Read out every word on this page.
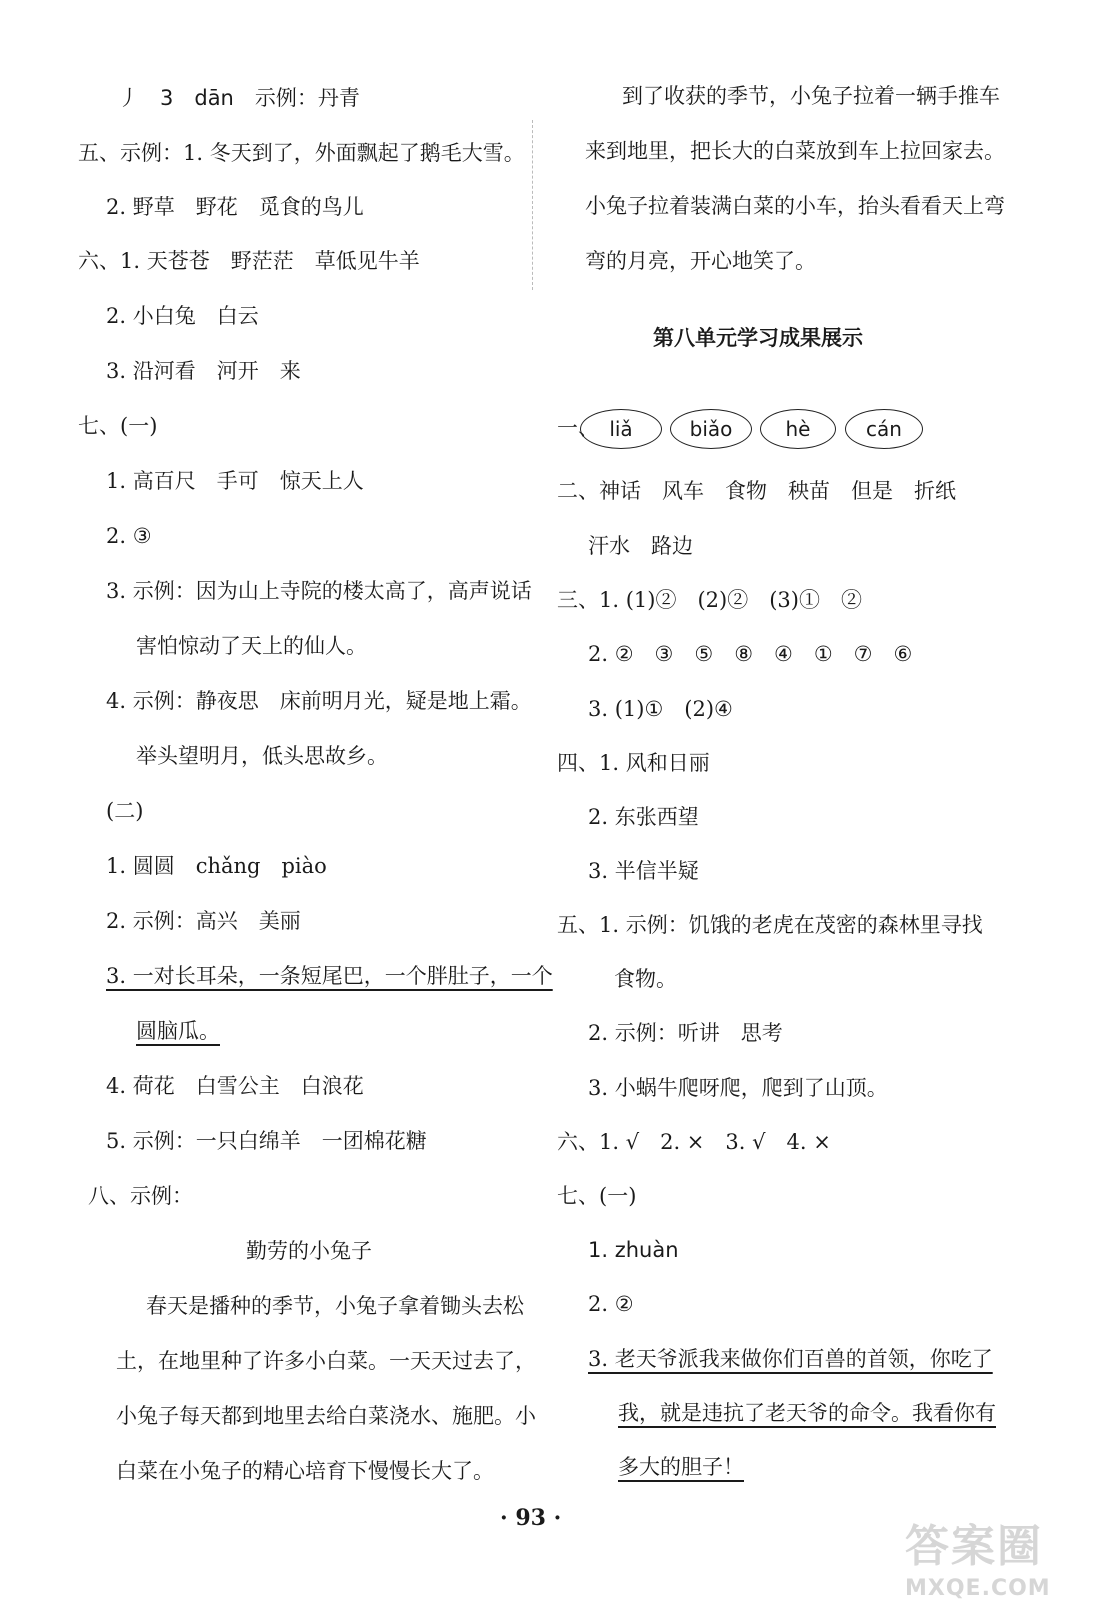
丿　3　dān　示例：丹青
五、示例：1. 冬天到了，外面飘起了鹅毛大雪。
2. 野草　野花　觅食的鸟儿
六、1. 天苍苍　野茫茫　草低见牛羊
2. 小白兔　白云
3. 沿河看　河开　来
七、(一)
1. 高百尺　手可　惊天上人
2. ③
3. 示例：因为山上寺院的楼太高了，高声说话
害怕惊动了天上的仙人。
4. 示例：静夜思　床前明月光，疑是地上霜。
举头望明月，低头思故乡。
(二)
1. 圆圆　chǎng　piào
2. 示例：高兴　美丽
3. 一对长耳朵，一条短尾巴，一个胖肚子，一个
圆脑瓜。
4. 荷花　白雪公主　白浪花
5. 示例：一只白绵羊　一团棉花糖
八、示例：
勤劳的小兔子
春天是播种的季节，小兔子拿着锄头去松
土，在地里种了许多小白菜。一天天过去了，
小兔子每天都到地里去给白菜浇水、施肥。小
白菜在小兔子的精心培育下慢慢长大了。
到了收获的季节，小兔子拉着一辆手推车
来到地里，把长大的白菜放到车上拉回家去。
小兔子拉着装满白菜的小车，抬头看看天上弯
弯的月亮，开心地笑了。
第八单元学习成果展示
一、 liǎ	biǎo	hè	cán
二、神话　风车　食物　秧苗　但是　折纸
汗水　路边
三、1. (1)②　(2)②　(3)①　②
2. ②　③　⑤　⑧　④　①　⑦　⑥
3. (1)①　(2)④
四、1. 风和日丽
2. 东张西望
3. 半信半疑
五、1. 示例：饥饿的老虎在茂密的森林里寻找
食物。
2. 示例：听讲　思考
3. 小蜗牛爬呀爬，爬到了山顶。
六、1. √　2. ×　3. √　4. ×
七、(一)
1. zhuàn
2. ②
3. 老天爷派我来做你们百兽的首领，你吃了
我，就是违抗了老天爷的命令。我看你有
多大的胆子！
· 93 ·
答案圈
MXQE.COM
